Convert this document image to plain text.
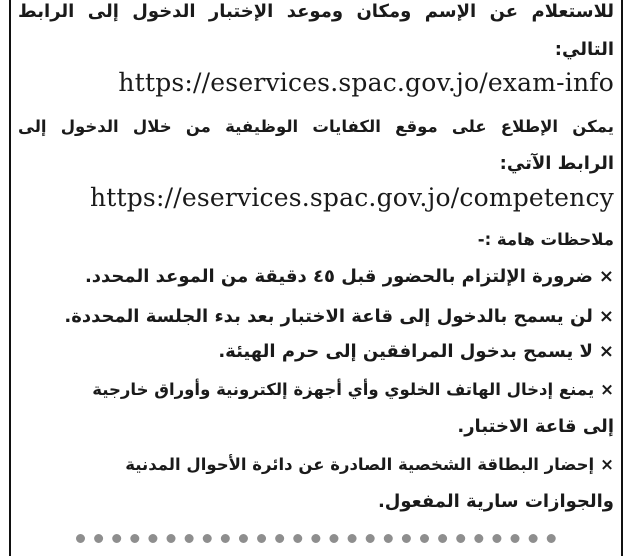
للاستعلام عن الإسم ومكان وموعد الإختبار الدخول إلى الرابط
التالي:
https://eservices.spac.gov.jo/exam-info
يمكن الإطلاع على موقع الكفايات الوظيفية من خلال الدخول إلى
الرابط الآتي:
https://eservices.spac.gov.jo/competency
ملاحظات هامة :-
×ضرورة الإلتزام بالحضور قبل ٤٥ دقيقة من الموعد المحدد.
×لن يسمح بالدخول إلى قاعة الاختبار بعد بدء الجلسة المحددة.
×لا يسمح بدخول المرافقين إلى حرم الهيئة.
×يمنع إدخال الهاتف الخلوي وأي أجهزة إلكترونية وأوراق خارجية
إلى قاعة الاختبار.
×إحضار البطاقة الشخصية الصادرة عن دائرة الأحوال المدنية
والجوازات سارية المفعول.
